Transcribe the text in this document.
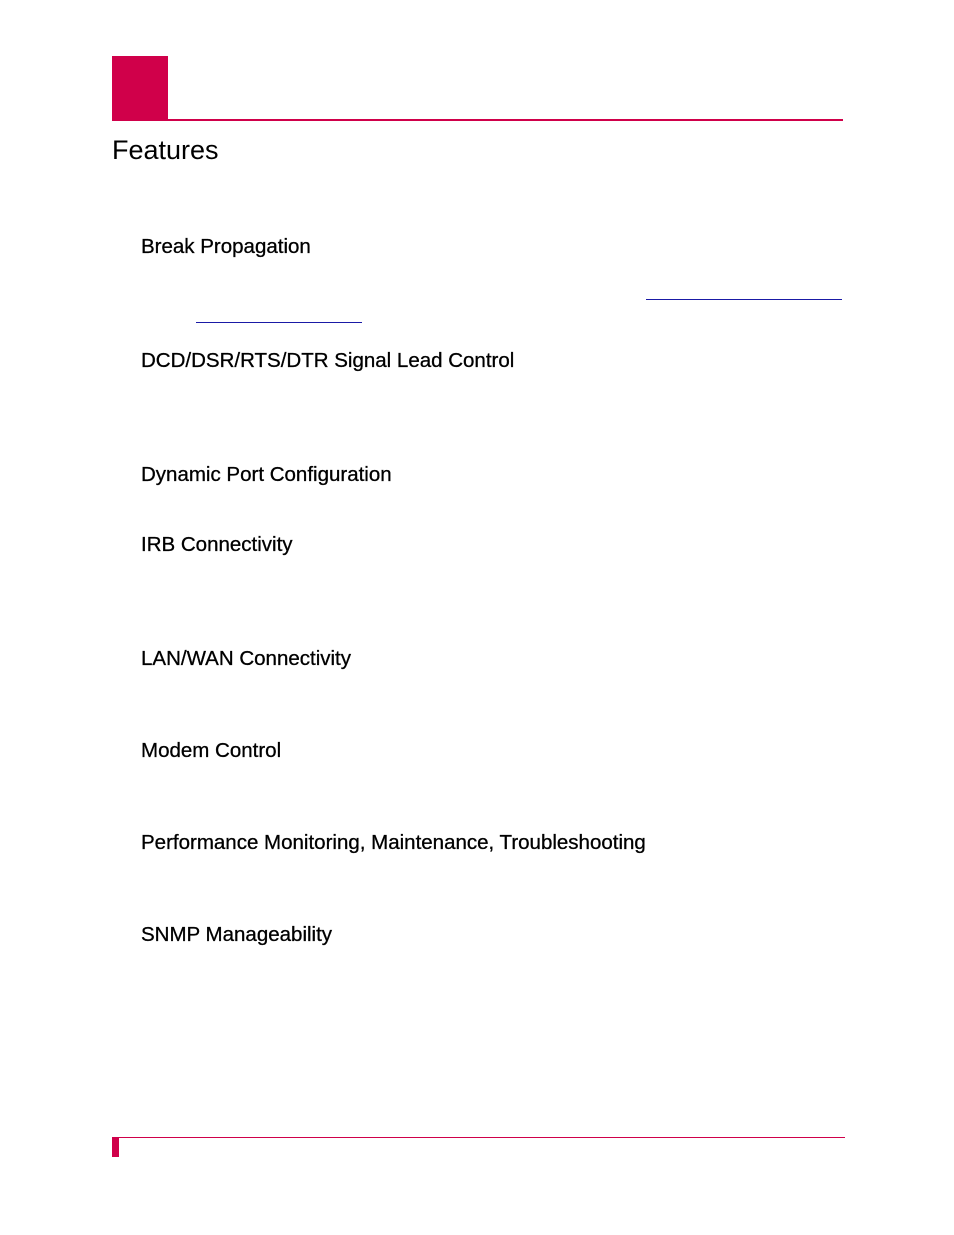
Features
Break Propagation
DCD/DSR/RTS/DTR Signal Lead Control
Dynamic Port Configuration
IRB Connectivity
LAN/WAN Connectivity
Modem Control
Performance Monitoring, Maintenance, Troubleshooting
SNMP Manageability
